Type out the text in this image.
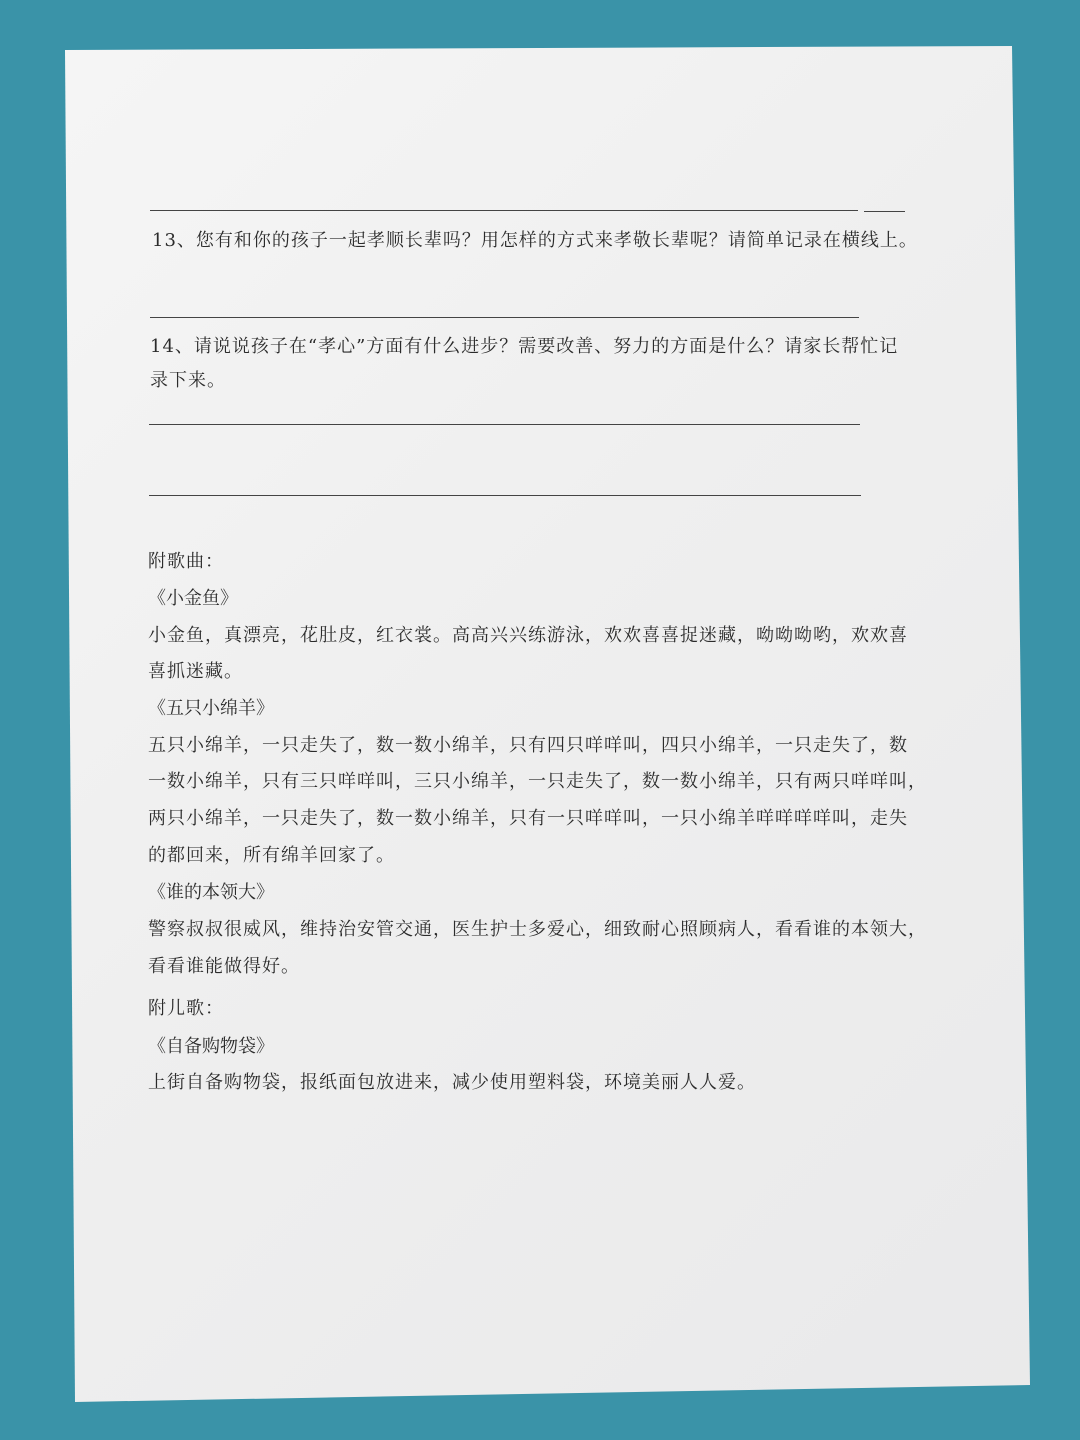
13、您有和你的孩子一起孝顺长辈吗？用怎样的方式来孝敬长辈呢？请简单记录在横线上。
14、请说说孩子在“孝心”方面有什么进步？需要改善、努力的方面是什么？请家长帮忙记
录下来。
附歌曲：
《小金鱼》
小金鱼，真漂亮，花肚皮，红衣裳。高高兴兴练游泳，欢欢喜喜捉迷藏，呦呦呦哟，欢欢喜
喜抓迷藏。
《五只小绵羊》
五只小绵羊，一只走失了，数一数小绵羊，只有四只咩咩叫，四只小绵羊，一只走失了，数
一数小绵羊，只有三只咩咩叫，三只小绵羊，一只走失了，数一数小绵羊，只有两只咩咩叫，
两只小绵羊，一只走失了，数一数小绵羊，只有一只咩咩叫，一只小绵羊咩咩咩咩叫，走失
的都回来，所有绵羊回家了。
《谁的本领大》
警察叔叔很威风，维持治安管交通，医生护士多爱心，细致耐心照顾病人，看看谁的本领大，
看看谁能做得好。
附儿歌：
《自备购物袋》
上街自备购物袋，报纸面包放进来，减少使用塑料袋，环境美丽人人爱。
